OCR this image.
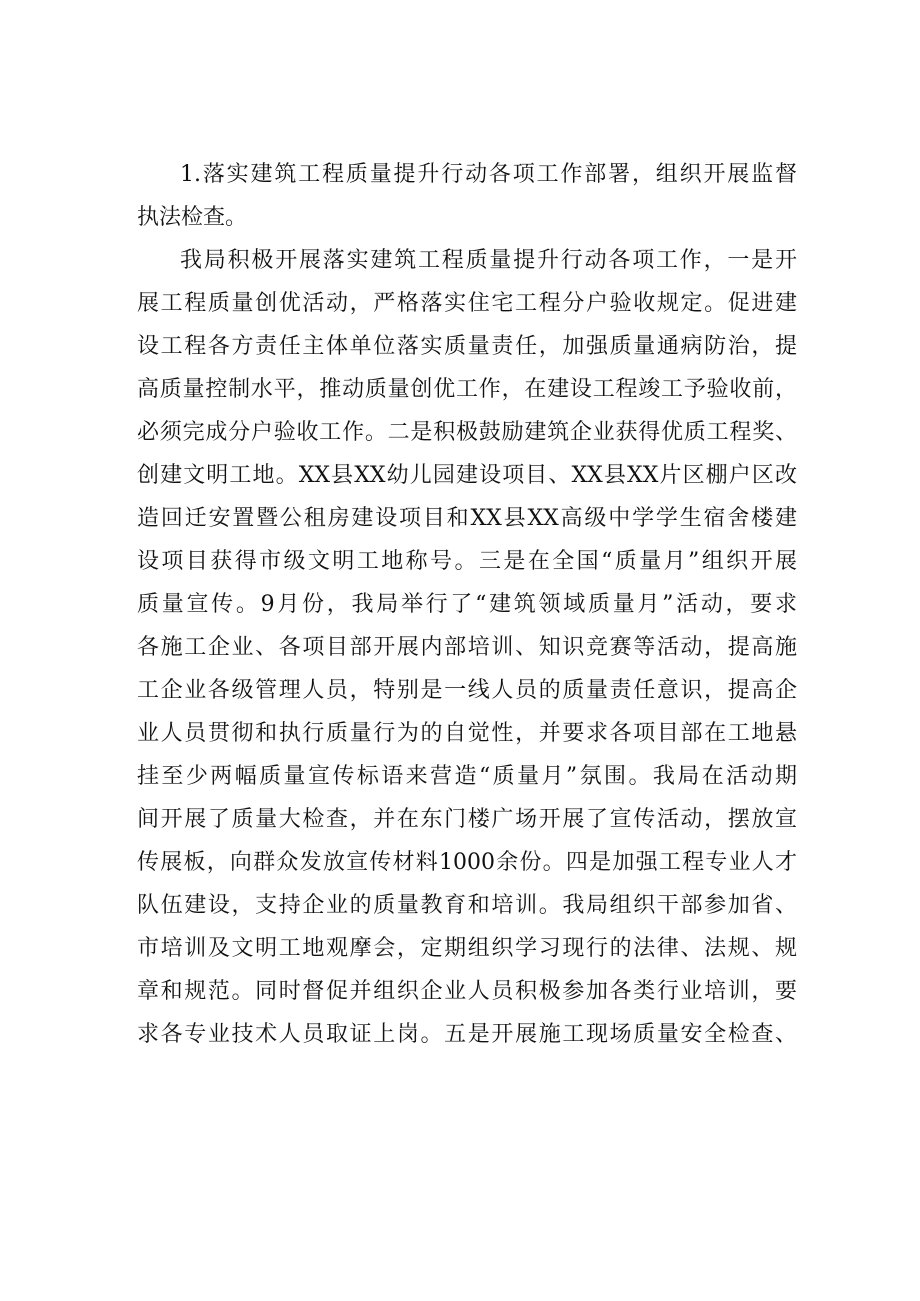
1.落实建筑工程质量提升行动各项工作部署，组织开展监督
执法检查。
我局积极开展落实建筑工程质量提升行动各项工作，一是开
展工程质量创优活动，严格落实住宅工程分户验收规定。促进建
设工程各方责任主体单位落实质量责任，加强质量通病防治，提
高质量控制水平，推动质量创优工作，在建设工程竣工予验收前，
必须完成分户验收工作。二是积极鼓励建筑企业获得优质工程奖、
创建文明工地。XX县XX幼儿园建设项目、XX县XX片区棚户区改
造回迁安置暨公租房建设项目和XX县XX高级中学学生宿舍楼建
设项目获得市级文明工地称号。三是在全国“质量月”组织开展
质量宣传。9月份，我局举行了“建筑领域质量月”活动，要求
各施工企业、各项目部开展内部培训、知识竞赛等活动，提高施
工企业各级管理人员，特别是一线人员的质量责任意识，提高企
业人员贯彻和执行质量行为的自觉性，并要求各项目部在工地悬
挂至少两幅质量宣传标语来营造“质量月”氛围。我局在活动期
间开展了质量大检查，并在东门楼广场开展了宣传活动，摆放宣
传展板，向群众发放宣传材料1000余份。四是加强工程专业人才
队伍建设，支持企业的质量教育和培训。我局组织干部参加省、
市培训及文明工地观摩会，定期组织学习现行的法律、法规、规
章和规范。同时督促并组织企业人员积极参加各类行业培训，要
求各专业技术人员取证上岗。五是开展施工现场质量安全检查、
